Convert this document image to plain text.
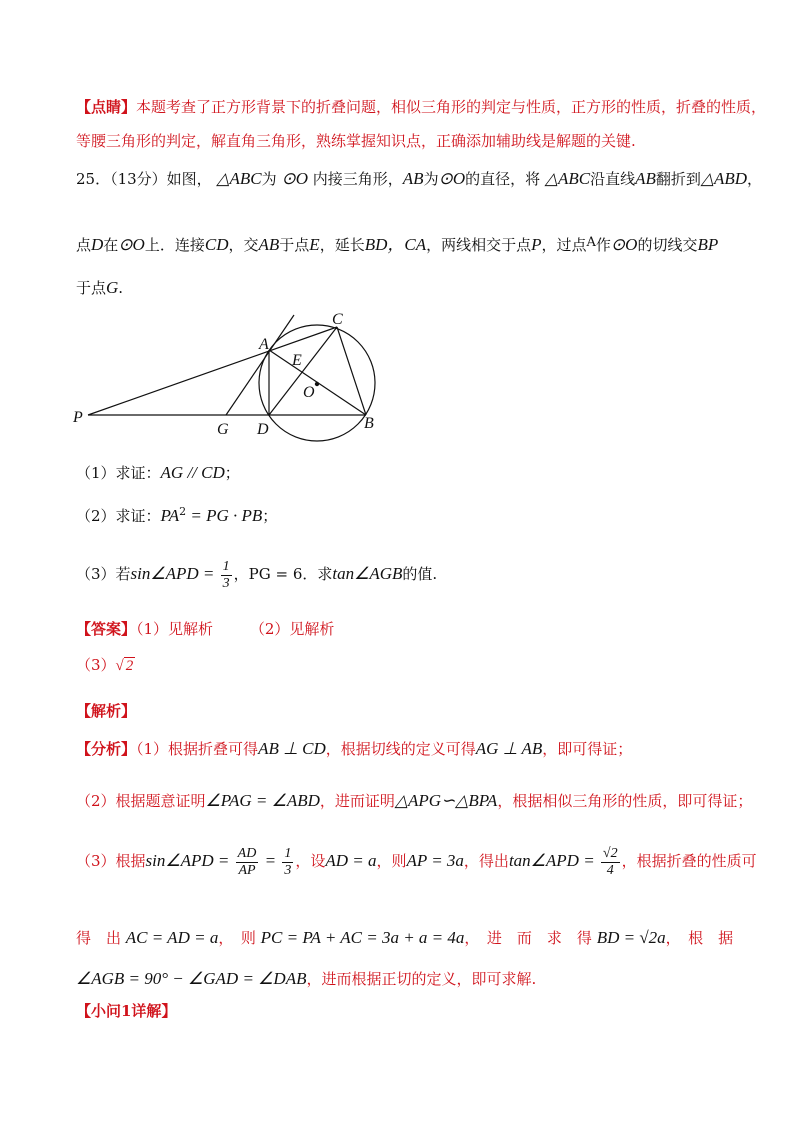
【点睛】本题考查了正方形背景下的折叠问题，相似三角形的判定与性质，正方形的性质，折叠的性质，
等腰三角形的判定，解直角三角形，熟练掌握知识点，正确添加辅助线是解题的关键.
25．（13分）如图， △ABC为 ⊙O 内接三角形，AB为⊙O的直径，将 △ABC沿直线AB翻折到△ABD，
点D在⊙O上．连接CD，交AB于点E，延长BD，CA，两线相交于点P，过点A作⊙O的切线交BP
于点G.
A
C
E
O
P
G D	B
（1）求证：AG // CD；
（2）求证：$PA^2$ = PG · PB；
（3）若sin∠APD = $\frac{1}{3}$ ，PG = 6．求tan∠AGB的值.
【答案】（1）见解析 （2）见解析
（3）√ 2
【解析】
【分析】（1）根据折叠可得AB ⊥ CD，根据切线的定义可得AG ⊥ AB，即可得证；
（2）根据题意证明∠PAG = ∠ABD，进而证明△APG∽△BPA，根据相似三角形的性质，即可得证；
（3）根据sin∠APD = $\frac{AD}{AP} = \frac{1}{3}$ ，设AD = a，则AP = 3a，得出tan∠APD = $\frac{√2}{4}$ ，根据折叠的性质可
得　出 AC = AD = a，　则 PC = PA + AC = 3a + a = 4a，　进　而　求　得 BD = √2a，　根　据
∠AGB = 90° − ∠GAD = ∠DAB，进而根据正切的定义，即可求解.
【小问1详解】
